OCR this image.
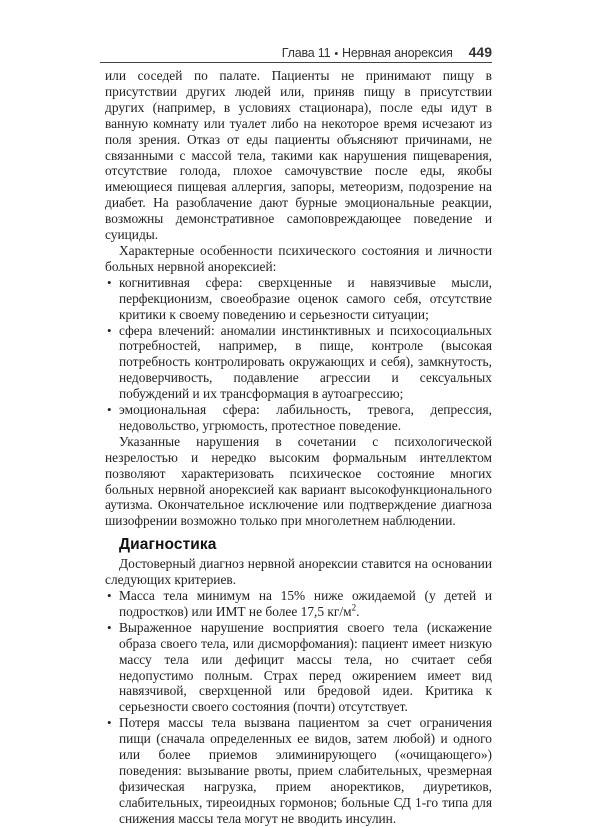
Глава 11 • Нервная анорексия 449

или соседей по палате. Пациенты не принимают пищу в присутствии других людей или, приняв пищу в присутствии других (например, в условиях стационара), после еды идут в ванную комнату или туалет либо на некоторое время исчезают из поля зрения. Отказ от еды пациенты объясняют причинами, не связанными с массой тела, такими как нарушения пищеварения, отсутствие голода, плохое самочувствие после еды, якобы имеющиеся пищевая аллергия, запоры, метеоризм, подозрение на диабет. На разоблачение дают бурные эмоциональные реакции, возможны демонстративное самоповреждающее поведение и суициды.

Характерные особенности психического состояния и личности больных нервной анорексией:

• когнитивная сфера: сверхценные и навязчивые мысли, перфекционизм, своеобразие оценок самого себя, отсутствие критики к своему поведению и серьезности ситуации;
• сфера влечений: аномалии инстинктивных и психосоциальных потребностей, например, в пище, контроле (высокая потребность контролировать окружающих и себя), замкнутость, недоверчивость, подавление агрессии и сексуальных побуждений и их трансформация в аутоагрессию;
• эмоциональная сфера: лабильность, тревога, депрессия, недовольство, угрюмость, протестное поведение.

Указанные нарушения в сочетании с психологической незрелостью и нередко высоким формальным интеллектом позволяют характеризовать психическое состояние многих больных нервной анорексией как вариант высокофункционального аутизма. Окончательное исключение или подтверждение диагноза шизофрении возможно только при многолетнем наблюдении.

Диагностика

Достоверный диагноз нервной анорексии ставится на основании следующих критериев.

• Масса тела минимум на 15% ниже ожидаемой (у детей и подростков) или ИМТ не более 17,5 $кг/м^2$.
• Выраженное нарушение восприятия своего тела (искажение образа своего тела, или дисморфомания): пациент имеет низкую массу тела или дефицит массы тела, но считает себя недопустимо полным. Страх перед ожирением имеет вид навязчивой, сверхценной или бредовой идеи. Критика к серьезности своего состояния (почти) отсутствует.
• Потеря массы тела вызвана пациентом за счет ограничения пищи (сначала определенных ее видов, затем любой) и одного или более приемов элиминирующего («очищающего») поведения: вызывание рвоты, прием слабительных, чрезмерная физическая нагрузка, прием аноректиков, диуретиков, слабительных, тиреоидных гормонов; больные СД 1-го типа для снижения массы тела могут не вводить инсулин.
